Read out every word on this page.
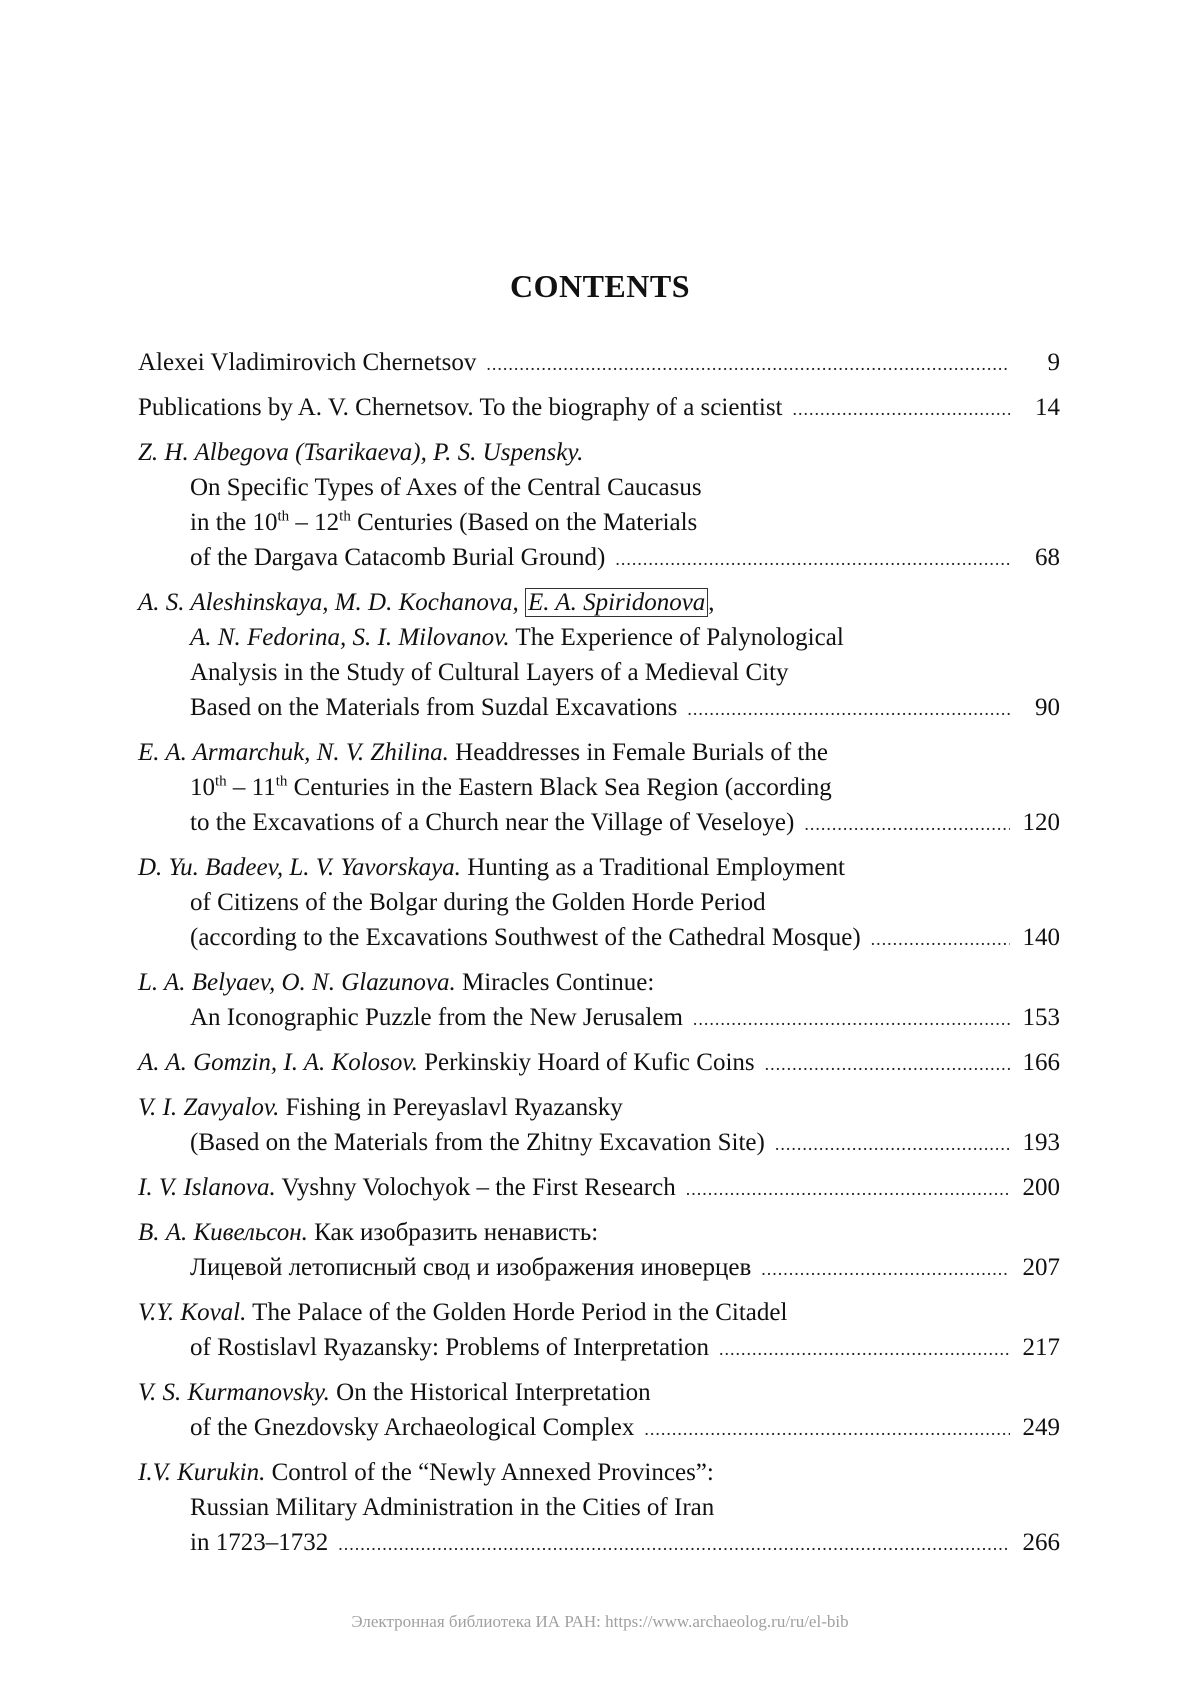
CONTENTS
Alexei Vladimirovich Chernetsov .....	9
Publications by A. V. Chernetsov. To the biography of a scientist .....	14
Z. H. Albegova (Tsarikaeva), P. S. Uspensky.
On Specific Types of Axes of the Central Caucasus
in the 10th – 12th Centuries (Based on the Materials
of the Dargava Catacomb Burial Ground) .....	68
A. S. Aleshinskaya, M. D. Kochanova, E. A. Spiridonova ,
A. N. Fedorina, S. I. Milovanov. The Experience of Palynological
Analysis in the Study of Cultural Layers of a Medieval City
Based on the Materials from Suzdal Excavations .....	90
E. A. Armarchuk, N. V. Zhilina. Headdresses in Female Burials of the
10th – 11th Centuries in the Eastern Black Sea Region (according
to the Excavations of a Church near the Village of Veseloye) .....	120
D. Yu. Badeev, L. V. Yavorskaya. Hunting as a Traditional Employment
of Citizens of the Bolgar during the Golden Horde Period
(according to the Excavations Southwest of the Cathedral Mosque) .....	140
L. A. Belyaev, O. N. Glazunova. Miracles Continue:
An Iconographic Puzzle from the New Jerusalem .....	153
A. A. Gomzin, I. A. Kolosov. Perkinskiy Hoard of Kufic Coins .....	166
V. I. Zavyalov. Fishing in Pereyaslavl Ryazansky
(Based on the Materials from the Zhitny Excavation Site) .....	193
I. V. Islanova. Vyshny Volochyok – the First Research .....	200
В. А. Кивельсон. Как изобразить ненависть:
Лицевой летописный свод и изображения иноверцев .....	207
V.Y. Koval. The Palace of the Golden Horde Period in the Citadel
of Rostislavl Ryazansky: Problems of Interpretation .....	217
V. S. Kurmanovsky. On the Historical Interpretation
of the Gnezdovsky Archaeological Complex .....	249
I.V. Kurukin. Control of the “Newly Annexed Provinces”:
Russian Military Administration in the Cities of Iran
in 1723–1732 .....	266
Электронная библиотека ИА РАН: https://www.archaeolog.ru/ru/el-bib
